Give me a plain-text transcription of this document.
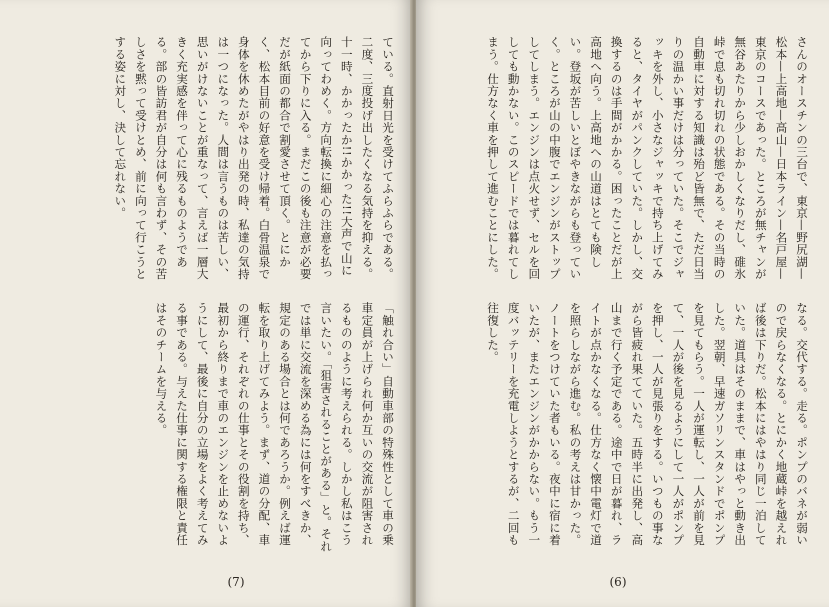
ている。直射日光を受けてふらふらである。二度、三度投げ出したくなる気持を抑える。十一時、かかったか!!かかった!!大声で山に向ってわめく。方向転換に細心の注意を払ってから下りに入る。まだこの後も注意が必要だが紙面の都合で割愛させて頂く。とにかく、松本目前の好意を受け帰着。白骨温泉で身体を休めたがやはり出発の時、私達の気持は一つになった。人間は言うものは苦しい、思いがけないことが重なって、言えば一層大きく充実感を伴って心に残るものようである。部の皆訪君が自分は何も言わず、その苦しさを黙って受けとめ、前に向って行こうとする姿に対し、決して忘れない。

「触れ合い」自動車部の特殊性として車の乗車定員が上げられ何か互いの交流が阻害されるもののように考えられる。しかし私はこう言いたい。「狙害されることがある」と。それでは単に交流を深める為には何をすべきか、規定のある場合とは何であろうか。例えば運転を取り上げてみよう。まず、道の分配、車の運行、それぞれの仕事とその役割を持ち、最初から終りまで車のエンジンを止めないようにして、最後に自分の立場をよく考えてみる事である。与えた仕事に関する権限と責任はそのチームを与える。

(7)

さんのオースチンの三台で、東京—野尻湖—松本—上高地—高山—日本ライン—名戸屋—東京のコースであった。ところが無チャンが無谷あたりから少しおかしくなりだし、碓氷峠で息も切れ切れの状態である。その当時の自動車に対する知識は殆ど皆無で、ただ日当りの温かい事だけは分っていた。そこでジャッキを外し、小さなジャッキで持ち上げてみると、タイヤがパンクしていた。しかし、交換するのは手間がかかる。困ったことだが上高地へ向う。上高地への山道はとても険しい。登坂が苦しいとぼやきながらも登っていく。ところが山の中腹でエンジンがストップしてしまう。エンジンは点火せず、セルを回しても動かない。このスピードでは暮れてしまう。仕方なく車を押して進むことにした。

なる。交代する。走る。ポンプのバネが弱いので戻らなくなる。とにかく地蔵峠を越えれば後は下りだ。松本にはやはり同じ一泊していた。道具はそのままで、車はやっと動き出した。翌朝、早速ガソリンスタンドでポンプを見てもらう。一人が運転し、一人が前を見て、一人が後を見るようにして一人がポンプを押し、一人が見張りをする。いつもの事ながら皆疲れ果てていた。五時半に出発し、高山まで行く予定である。途中で日が暮れ、ライトが点かなくなる。仕方なく懐中電灯で道を照らしながら進む。私の考えは甘かった。ノートをつけていた者もいる。夜中に宿に着いたが、またエンジンがかからない。もう一度バッテリーを充電しようとするが、二回も往復した。

(6)
